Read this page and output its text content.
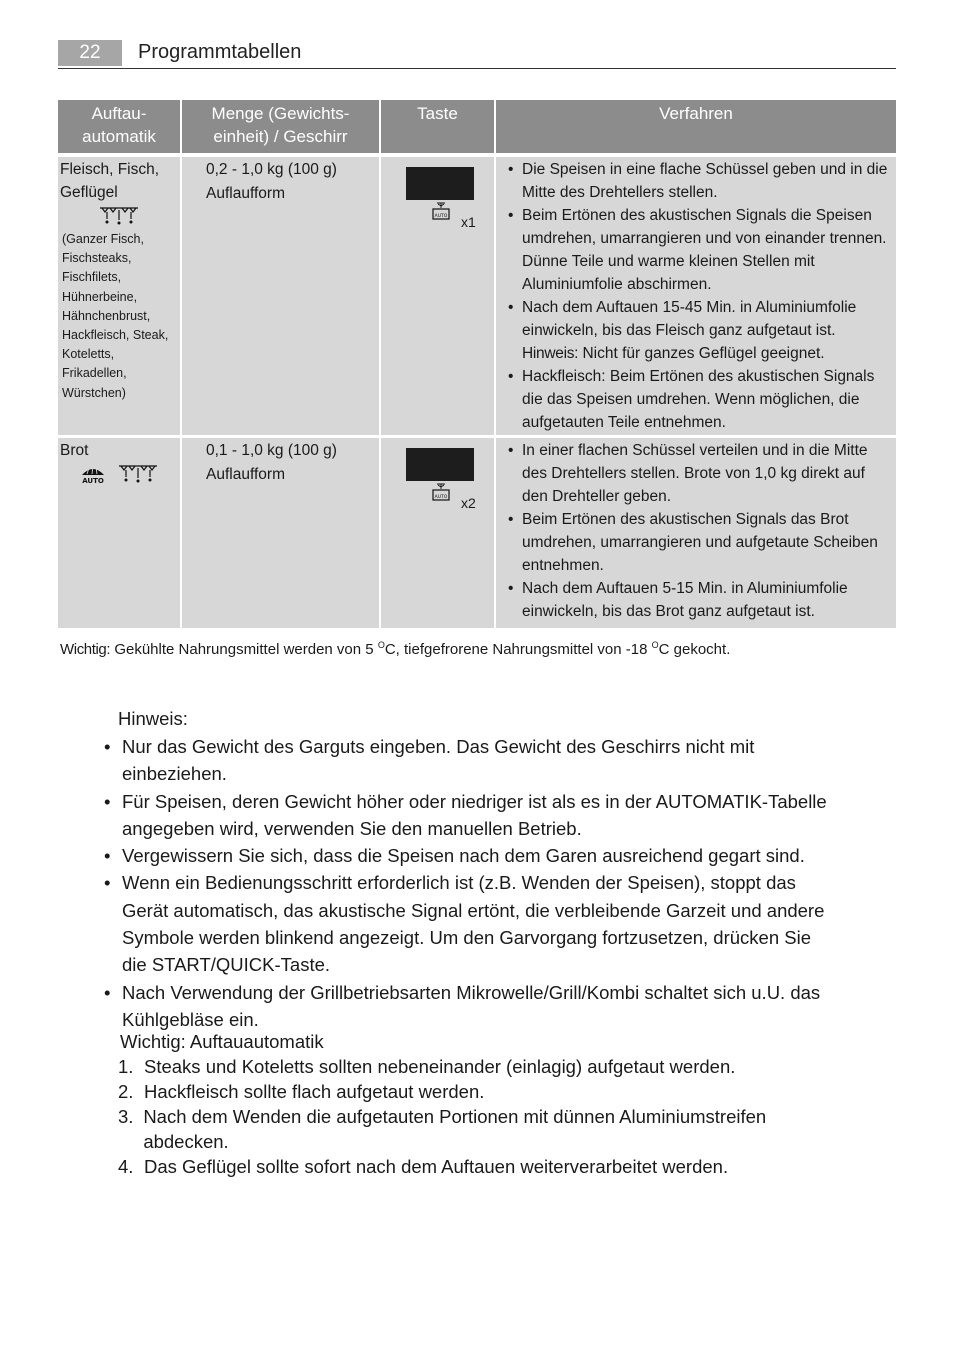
22	Programmtabellen
Auftau-
automatik
Menge (Gewichts-
einheit) / Geschirr
Taste	Verfahren
Fleisch, Fisch, Geflügel
(Ganzer Fisch, Fischsteaks, Fischfilets, Hühnerbeine, Hähnchenbrust, Hackfleisch, Steak, Koteletts, Frikadellen, Würstchen)
0,2 - 1,0 kg (100 g)
Auflaufform
AUTO x1
• Die Speisen in eine flache Schüssel geben und in die Mitte des Drehtellers stellen.
• Beim Ertönen des akustischen Signals die Speisen umdrehen, umarrangieren und von einander trennen. Dünne Teile und warme kleinen Stellen mit Aluminiumfolie abschirmen.
• Nach dem Auftauen 15-45 Min. in Aluminiumfolie einwickeln, bis das Fleisch ganz aufgetaut ist.
Hinweis: Nicht für ganzes Geflügel geeignet.
• Hackfleisch: Beim Ertönen des akustischen Signals die das Speisen umdrehen. Wenn möglichen, die aufgetauten Teile entnehmen.
Brot
AUTO
0,1 - 1,0 kg (100 g)
Auflaufform
AUTO x2
• In einer flachen Schüssel verteilen und in die Mitte des Drehtellers stellen. Brote von 1,0 kg direkt auf den Drehteller geben.
• Beim Ertönen des akustischen Signals das Brot umdrehen, umarrangieren und aufgetaute Scheiben entnehmen.
• Nach dem Auftauen 5-15 Min. in Aluminiumfolie einwickeln, bis das Brot ganz aufgetaut ist.
Wichtig: Gekühlte Nahrungsmittel werden von 5 $^O$C, tiefgefrorene Nahrungsmittel von -18 $^O$C gekocht.
Hinweis:
• Nur das Gewicht des Garguts eingeben. Das Gewicht des Geschirrs nicht mit einbeziehen.
• Für Speisen, deren Gewicht höher oder niedriger ist als es in der AUTOMATIK-Tabelle angegeben wird, verwenden Sie den manuellen Betrieb.
• Vergewissern Sie sich, dass die Speisen nach dem Garen ausreichend gegart sind.
• Wenn ein Bedienungsschritt erforderlich ist (z.B. Wenden der Speisen), stoppt das Gerät automatisch, das akustische Signal ertönt, die verbleibende Garzeit und andere Symbole werden blinkend angezeigt. Um den Garvorgang fortzusetzen, drücken Sie die START/QUICK-Taste.
• Nach Verwendung der Grillbetriebsarten Mikrowelle/Grill/Kombi schaltet sich u.U. das Kühlgebläse ein.
Wichtig: Auftauautomatik
1. Steaks und Koteletts sollten nebeneinander (einlagig) aufgetaut werden.
2. Hackfleisch sollte flach aufgetaut werden.
3. Nach dem Wenden die aufgetauten Portionen mit dünnen Aluminiumstreifen abdecken.
4. Das Geflügel sollte sofort nach dem Auftauen weiterverarbeitet werden.
